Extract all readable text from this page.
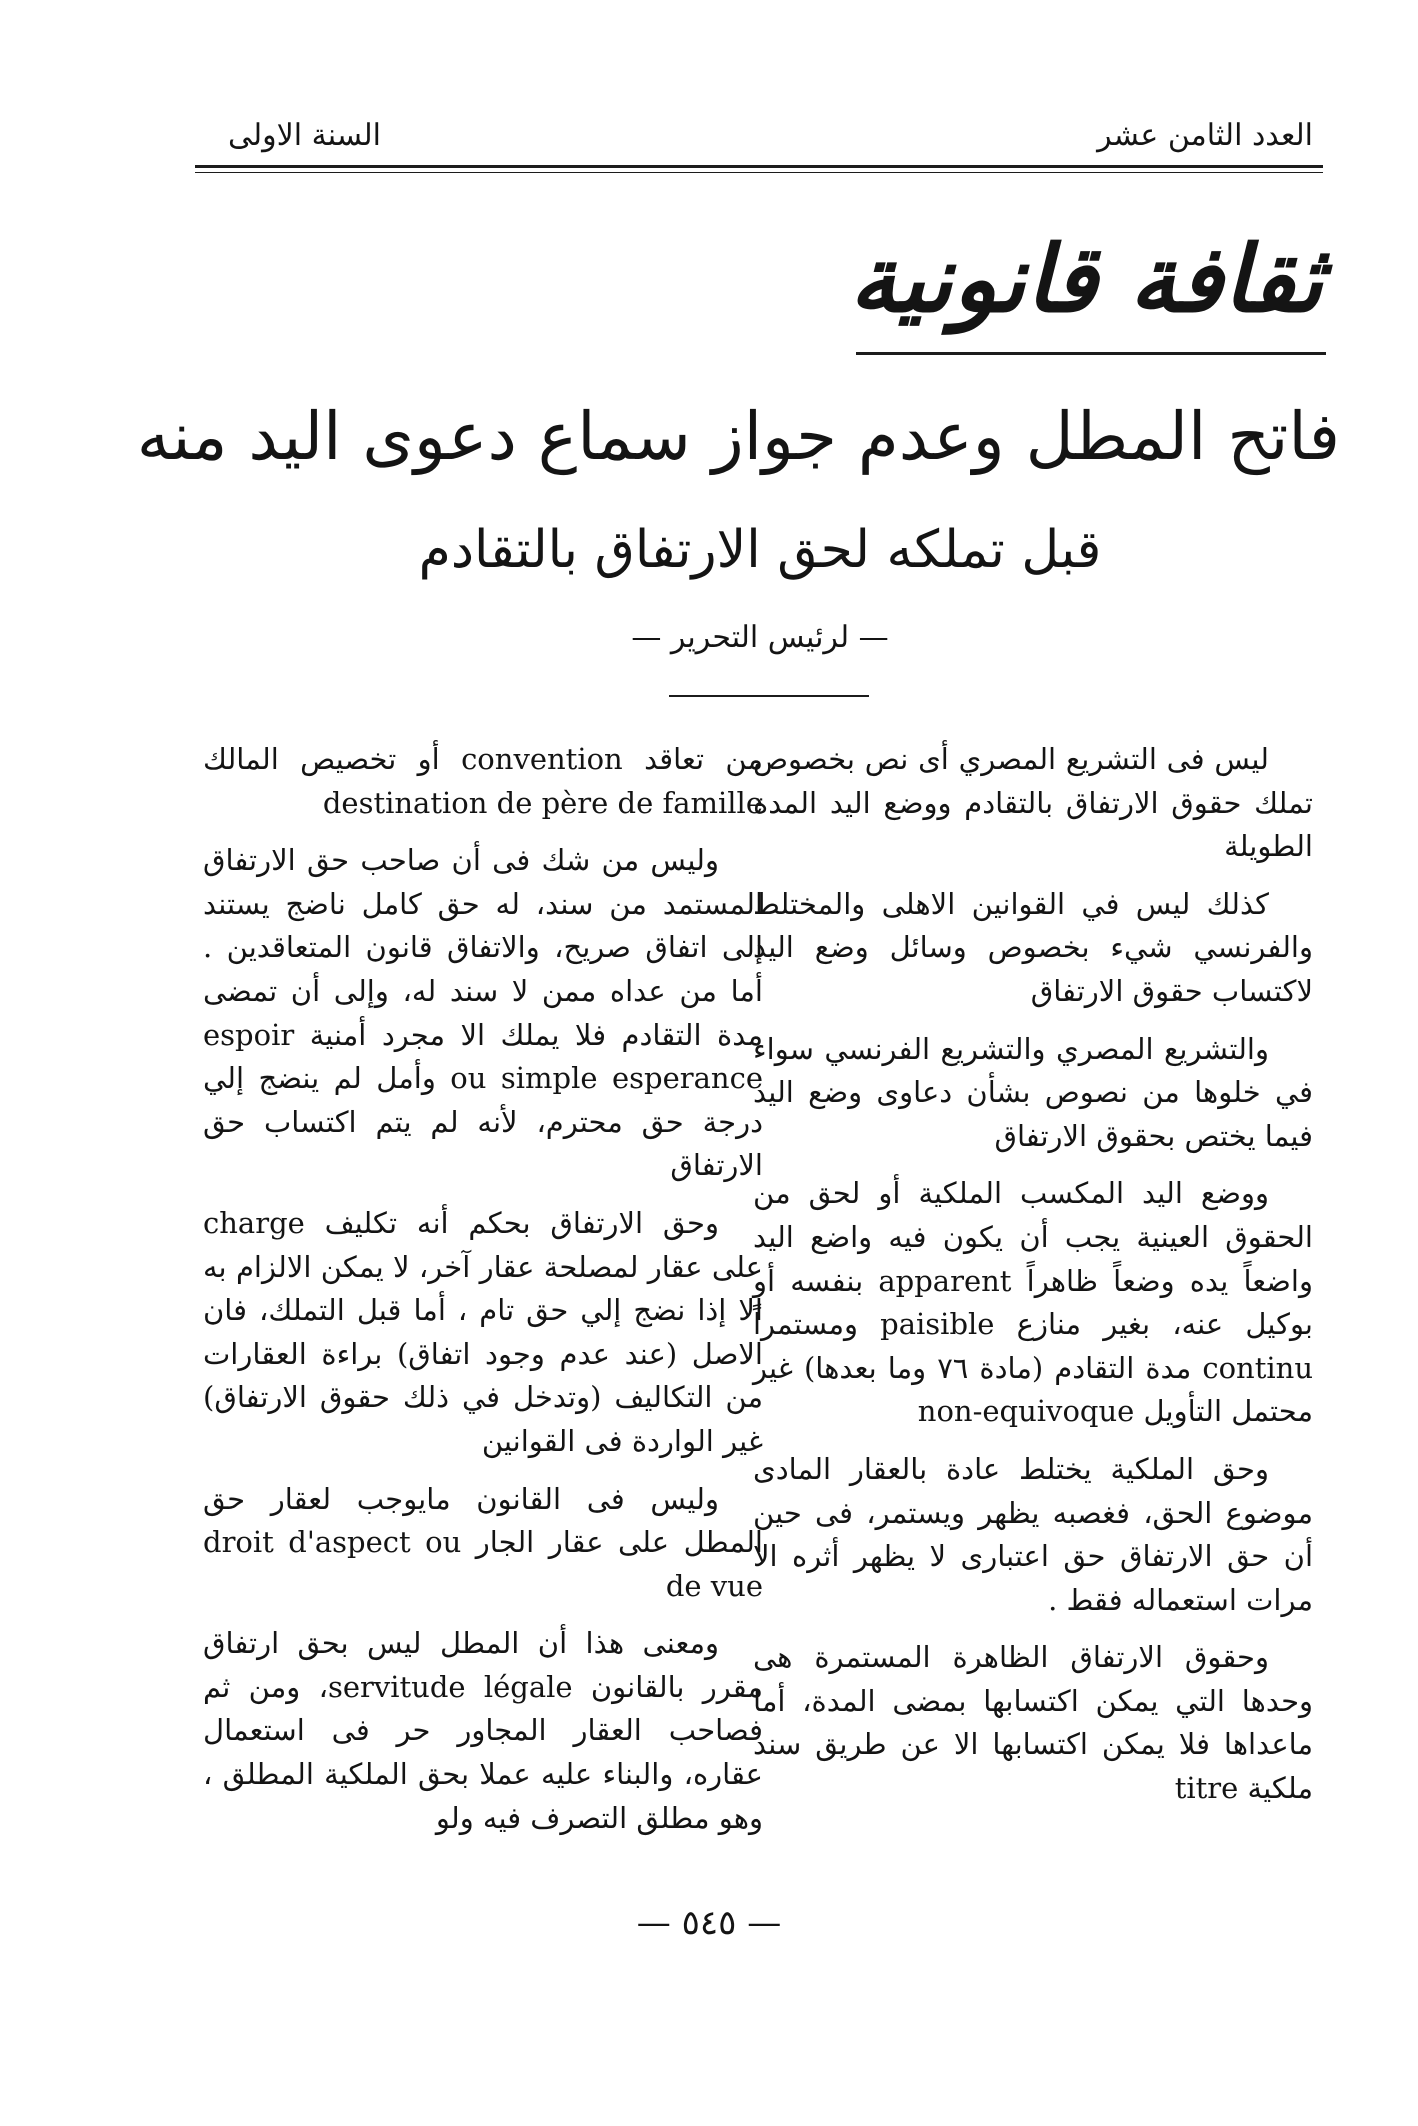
العدد الثامن عشر
السنة الاولى
ثقافة قانونية
فاتح المطل وعدم جواز سماع دعوى اليد منه
قبل تملكه لحق الارتفاق بالتقادم
— لرئيس التحرير —

ليس فى التشريع المصري أى نص بخصوص تملك حقوق الارتفاق بالتقادم ووضع اليد المدة الطويلة

كذلك ليس في القوانين الاهلى والمختلط والفرنسي شيء بخصوص وسائل وضع اليد لاكتساب حقوق الارتفاق

والتشريع المصري والتشريع الفرنسي سواء في خلوها من نصوص بشأن دعاوى وضع اليد فيما يختص بحقوق الارتفاق

ووضع اليد المكسب الملكية أو لحق من الحقوق العينية يجب أن يكون فيه واضع اليد واضعاً يده وضعاً ظاهراً apparent بنفسه أو بوكيل عنه، بغير منازع paisible ومستمراً continu مدة التقادم (مادة ٧٦ وما بعدها) غير محتمل التأويل non-equivoque

وحق الملكية يختلط عادة بالعقار المادى موضوع الحق، فغصبه يظهر ويستمر، فى حين أن حق الارتفاق حق اعتبارى لا يظهر أثره الا مرات استعماله فقط .

وحقوق الارتفاق الظاهرة المستمرة هى وحدها التي يمكن اكتسابها بمضى المدة، أما ماعداها فلا يمكن اكتسابها الا عن طريق سند ملكية titre

من تعاقد convention أو تخصيص المالك destination de père de famille

وليس من شك فى أن صاحب حق الارتفاق المستمد من سند، له حق كامل ناضج يستند إلى اتفاق صريح، والاتفاق قانون المتعاقدين . أما من عداه ممن لا سند له، وإلى أن تمضى مدة التقادم فلا يملك الا مجرد أمنية espoir ou simple esperance وأمل لم ينضج إلي درجة حق محترم، لأنه لم يتم اكتساب حق الارتفاق

وحق الارتفاق بحكم أنه تكليف charge على عقار لمصلحة عقار آخر، لا يمكن الالزام به الا إذا نضج إلي حق تام ، أما قبل التملك، فان الاصل (عند عدم وجود اتفاق) براءة العقارات من التكاليف (وتدخل في ذلك حقوق الارتفاق) غير الواردة فى القوانين

وليس فى القانون مايوجب لعقار حق المطل على عقار الجار droit d'aspect ou de vue

ومعنى هذا أن المطل ليس بحق ارتفاق مقرر بالقانون servitude légale، ومن ثم فصاحب العقار المجاور حر فى استعمال عقاره، والبناء عليه عملا بحق الملكية المطلق ، وهو مطلق التصرف فيه ولو

— ٥٤٥ —
